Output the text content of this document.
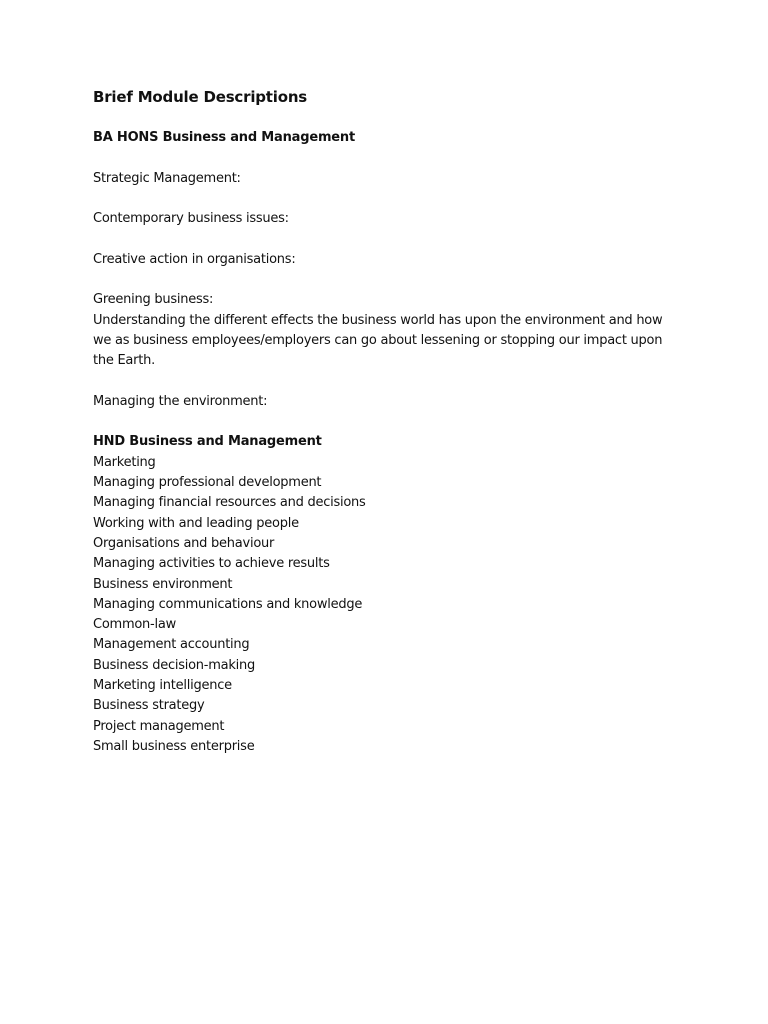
Brief Module Descriptions
BA HONS Business and Management

Strategic Management:

Contemporary business issues:

Creative action in organisations:

Greening business:

Understanding the different effects the business world has upon the environment and how

we as business employees/employers can go about lessening or stopping our impact upon

the Earth.

Managing the environment:

HND Business and Management
Marketing
Managing professional development
Managing financial resources and decisions
Working with and leading people
Organisations and behaviour
Managing activities to achieve results
Business environment
Managing communications and knowledge
Common-law
Management accounting
Business decision-making
Marketing intelligence
Business strategy
Project management
Small business enterprise
